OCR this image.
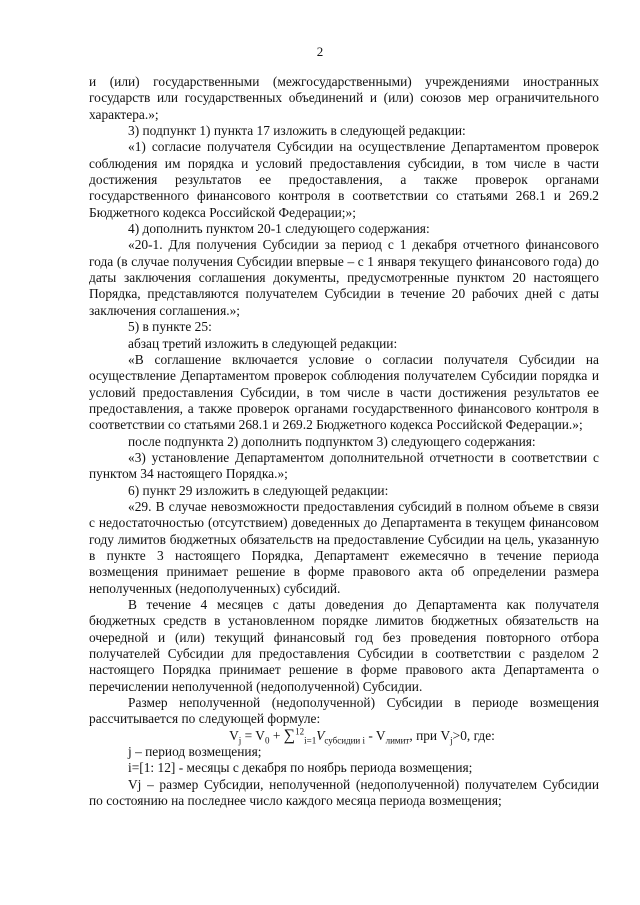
2

и (или) государственными (межгосударственными) учреждениями иностранных государств или государственных объединений и (или) союзов мер ограничительного характера.»;

3) подпункт 1) пункта 17 изложить в следующей редакции:

«1) согласие получателя Субсидии на осуществление Департаментом проверок соблюдения им порядка и условий предоставления субсидии, в том числе в части достижения результатов ее предоставления, а также проверок органами государственного финансового контроля в соответствии со статьями 268.1 и 269.2 Бюджетного кодекса Российской Федерации;»;

4) дополнить пунктом 20-1 следующего содержания:

«20-1. Для получения Субсидии за период с 1 декабря отчетного финансового года (в случае получения Субсидии впервые – с 1 января текущего финансового года) до даты заключения соглашения документы, предусмотренные пунктом 20 настоящего Порядка, представляются получателем Субсидии в течение 20 рабочих дней с даты заключения соглашения.»;

5) в пункте 25:

абзац третий изложить в следующей редакции:

«В соглашение включается условие о согласии получателя Субсидии на осуществление Департаментом проверок соблюдения получателем Субсидии порядка и условий предоставления Субсидии, в том числе в части достижения результатов ее предоставления, а также проверок органами государственного финансового контроля в соответствии со статьями 268.1 и 269.2 Бюджетного кодекса Российской Федерации.»;

после подпункта 2) дополнить подпунктом 3) следующего содержания:

«3) установление Департаментом дополнительной отчетности в соответствии с пунктом 34 настоящего Порядка.»;

6) пункт 29 изложить в следующей редакции:

«29. В случае невозможности предоставления субсидий в полном объеме в связи с недостаточностью (отсутствием) доведенных до Департамента в текущем финансовом году лимитов бюджетных обязательств на предоставление Субсидии на цель, указанную в пункте 3 настоящего Порядка, Департамент ежемесячно в течение периода возмещения принимает решение в форме правового акта об определении размера неполученных (недополученных) субсидий.

В течение 4 месяцев с даты доведения до Департамента как получателя бюджетных средств в установленном порядке лимитов бюджетных обязательств на очередной и (или) текущий финансовый год без проведения повторного отбора получателей Субсидии для предоставления Субсидии в соответствии с разделом 2 настоящего Порядка принимает решение в форме правового акта Департамента о перечислении неполученной (недополученной) Субсидии.

Размер неполученной (недополученной) Субсидии в периоде возмещения рассчитывается по следующей формуле:

$V_j = V_0 + \sum^{12}_{i=1}V_{субсидии i} - V_{лимит}$, при $V_j>0$, где:

j – период возмещения;

i=[1: 12] - месяцы с декабря по ноябрь периода возмещения;

Vj – размер Субсидии, неполученной (недополученной) получателем Субсидии по состоянию на последнее число каждого месяца периода возмещения;
